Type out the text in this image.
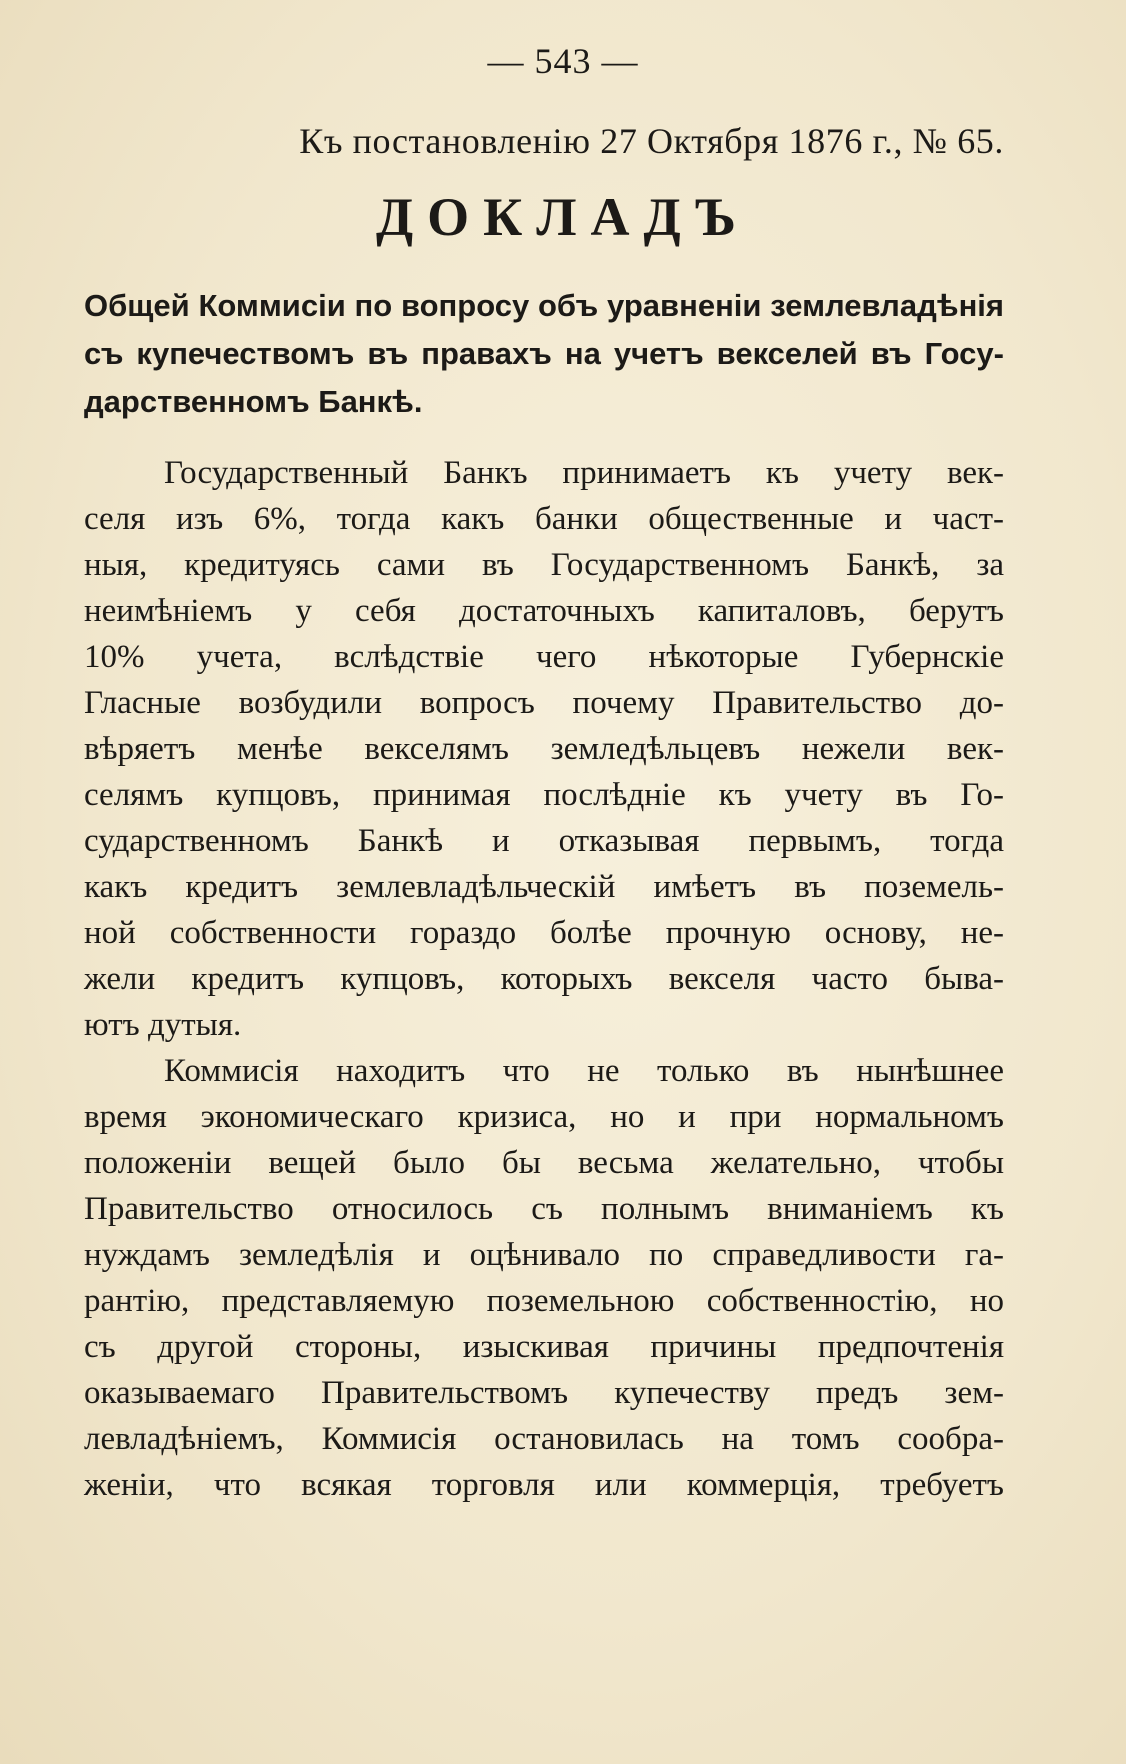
— 543 —
Къ постановленію 27 Октября 1876 г., № 65.
ДОКЛАДЪ
Общей Коммисіи по вопросу объ уравненіи землевладѣнія
съ купечествомъ въ правахъ на учетъ векселей въ Госу-
дарственномъ Банкѣ.
Государственный Банкъ принимаетъ къ учету век-
селя изъ 6%, тогда какъ банки общественные и част-
ныя, кредитуясь сами въ Государственномъ Банкѣ, за
неимѣніемъ у себя достаточныхъ капиталовъ, берутъ
10% учета, вслѣдствіе чего нѣкоторые Губернскіе
Гласные возбудили вопросъ почему Правительство до-
вѣряетъ менѣе векселямъ земледѣльцевъ нежели век-
селямъ купцовъ, принимая послѣдніе къ учету въ Го-
сударственномъ Банкѣ и отказывая первымъ, тогда
какъ кредитъ землевладѣльческій имѣетъ въ поземель-
ной собственности гораздо болѣе прочную основу, не-
жели кредитъ купцовъ, которыхъ векселя часто быва-
ютъ дутыя.
Коммисія находитъ что не только въ нынѣшнее
время экономическаго кризиса, но и при нормальномъ
положеніи вещей было бы весьма желательно, чтобы
Правительство относилось съ полнымъ вниманіемъ къ
нуждамъ земледѣлія и оцѣнивало по справедливости га-
рантію, представляемую поземельною собственностію, но
съ другой стороны, изыскивая причины предпочтенія
оказываемаго Правительствомъ купечеству предъ зем-
левладѣніемъ, Коммисія остановилась на томъ сообра-
женіи, что всякая торговля или коммерція, требуетъ
